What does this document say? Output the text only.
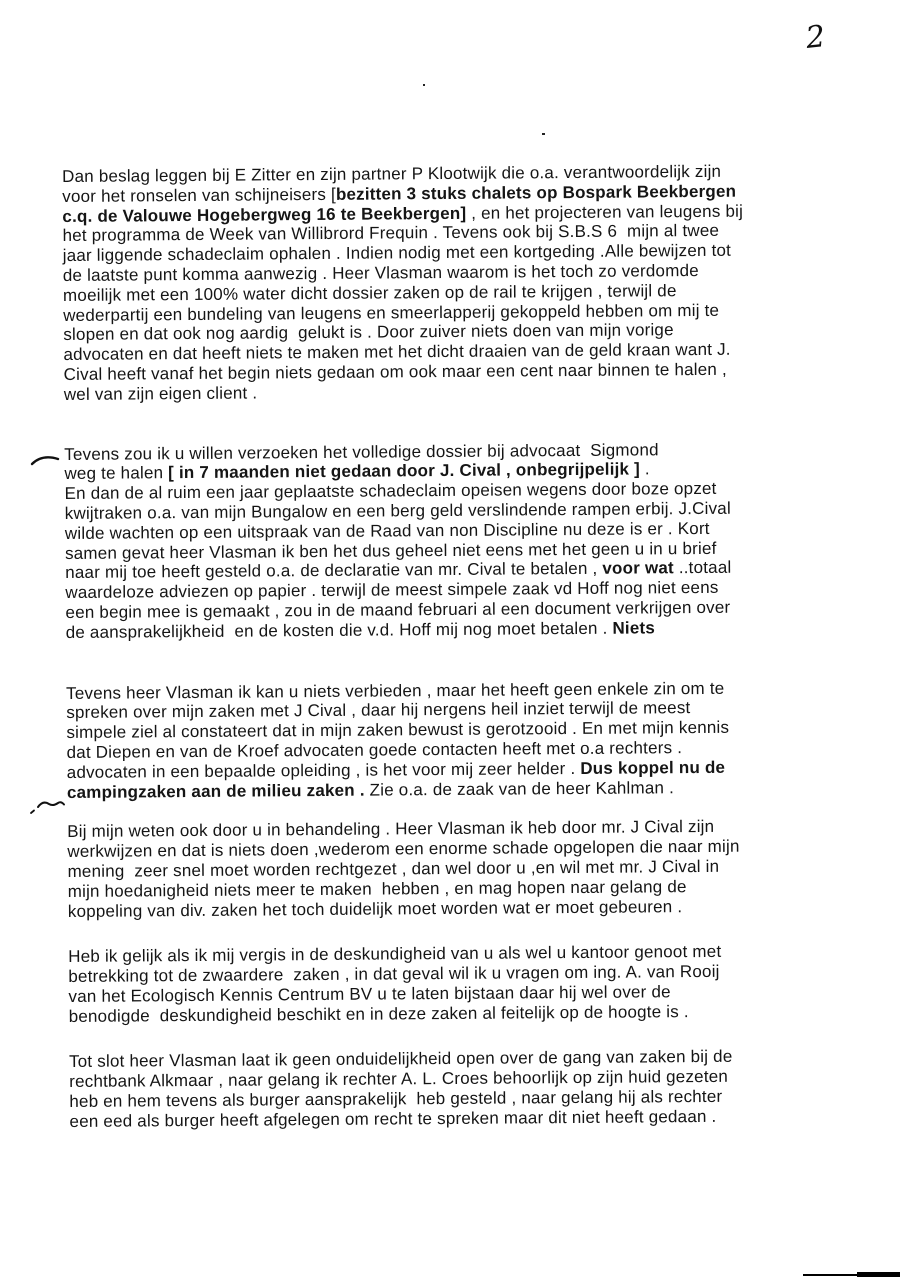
2

Dan beslag leggen bij E Zitter en zijn partner P Klootwijk die o.a. verantwoordelijk zijn
voor het ronselen van schijneisers [bezitten 3 stuks chalets op Bospark Beekbergen
c.q. de Valouwe Hogebergweg 16 te Beekbergen] , en het projecteren van leugens bij
het programma de Week van Willibrord Frequin . Tevens ook bij S.B.S 6  mijn al twee
jaar liggende schadeclaim ophalen . Indien nodig met een kortgeding .Alle bewijzen tot
de laatste punt komma aanwezig . Heer Vlasman waarom is het toch zo verdomde
moeilijk met een 100% water dicht dossier zaken op de rail te krijgen , terwijl de
wederpartij een bundeling van leugens en smeerlapperij gekoppeld hebben om mij te
slopen en dat ook nog aardig  gelukt is . Door zuiver niets doen van mijn vorige
advocaten en dat heeft niets te maken met het dicht draaien van de geld kraan want J.
Cival heeft vanaf het begin niets gedaan om ook maar een cent naar binnen te halen ,
wel van zijn eigen client .

Tevens zou ik u willen verzoeken het volledige dossier bij advocaat  Sigmond
weg te halen [ in 7 maanden niet gedaan door J. Cival , onbegrijpelijk ] .
En dan de al ruim een jaar geplaatste schadeclaim opeisen wegens door boze opzet
kwijtraken o.a. van mijn Bungalow en een berg geld verslindende rampen erbij. J.Cival
wilde wachten op een uitspraak van de Raad van non Discipline nu deze is er . Kort
samen gevat heer Vlasman ik ben het dus geheel niet eens met het geen u in u brief
naar mij toe heeft gesteld o.a. de declaratie van mr. Cival te betalen , voor wat ..totaal
waardeloze adviezen op papier . terwijl de meest simpele zaak vd Hoff nog niet eens
een begin mee is gemaakt , zou in de maand februari al een document verkrijgen over
de aansprakelijkheid  en de kosten die v.d. Hoff mij nog moet betalen . Niets

Tevens heer Vlasman ik kan u niets verbieden , maar het heeft geen enkele zin om te
spreken over mijn zaken met J Cival , daar hij nergens heil inziet terwijl de meest
simpele ziel al constateert dat in mijn zaken bewust is gerotzooid . En met mijn kennis
dat Diepen en van de Kroef advocaten goede contacten heeft met o.a rechters .
advocaten in een bepaalde opleiding , is het voor mij zeer helder . Dus koppel nu de
campingzaken aan de milieu zaken . Zie o.a. de zaak van de heer Kahlman .

Bij mijn weten ook door u in behandeling . Heer Vlasman ik heb door mr. J Cival zijn
werkwijzen en dat is niets doen ,wederom een enorme schade opgelopen die naar mijn
mening  zeer snel moet worden rechtgezet , dan wel door u ,en wil met mr. J Cival in
mijn hoedanigheid niets meer te maken  hebben , en mag hopen naar gelang de
koppeling van div. zaken het toch duidelijk moet worden wat er moet gebeuren .

Heb ik gelijk als ik mij vergis in de deskundigheid van u als wel u kantoor genoot met
betrekking tot de zwaardere  zaken , in dat geval wil ik u vragen om ing. A. van Rooij
van het Ecologisch Kennis Centrum BV u te laten bijstaan daar hij wel over de
benodigde  deskundigheid beschikt en in deze zaken al feitelijk op de hoogte is .

Tot slot heer Vlasman laat ik geen onduidelijkheid open over de gang van zaken bij de
rechtbank Alkmaar , naar gelang ik rechter A. L. Croes behoorlijk op zijn huid gezeten
heb en hem tevens als burger aansprakelijk  heb gesteld , naar gelang hij als rechter
een eed als burger heeft afgelegen om recht te spreken maar dit niet heeft gedaan .
